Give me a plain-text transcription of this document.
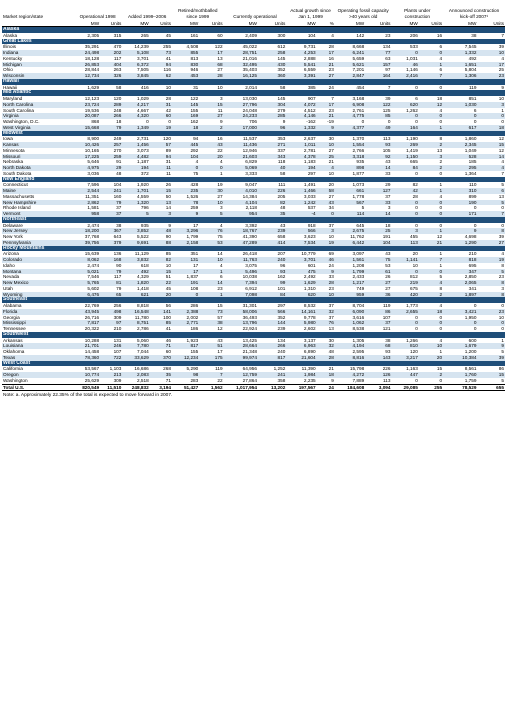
Market region/state	Operational 1998		Added 1999–2006		Retired/mothballed since 1999		Currently operational		Actual growth since Jan 1, 1999		Operating fossil capacity >40 years old		Plants under construction		Announced construction kick-off 2007¹	
	MW	Units	MW	Units	MW	Units	MW	Units	MW	%	MW	Units	MW	Units	MW	Units
Alaska																
Alaska	2,305	315	265	45	161	60	2,409	300	104	4	142	23	206	16	38	7
Great Lakes																
Illinois	35,291	470	14,239	255	4,508	122	45,022	612	9,731	28	8,668	134	533	6	7,545	39
Indiana	24,498	202	5,108	73	855	17	28,751	258	4,253	17	6,241	77	0	0	1,332	10
Kentucky	18,128	117	3,701	41	813	13	21,016	145	2,888	16	5,659	63	1,031	4	492	4
Michigan	26,853	404	6,372	94	830	68	32,495	430	5,541	21	5,621	157	46	1	1,651	17
Ohio	28,844	263	7,505	116	946	27	35,403	352	6,559	23	7,201	97	1,146	6	5,804	25
Wisconsin	12,734	326	3,845	62	453	28	16,125	360	3,391	27	2,847	164	2,416	7	1,306	23
Hawaii																
Hawaii	1,629	58	416	10	31	10	2,014	58	385	24	454	7	0	0	119	9
Mid Atlantic																
Maryland	12,123	120	1,029	28	122	3	13,030	145	907	7	3,168	39	6	18	851	10
North Carolina	23,724	289	4,217	31	145	15	27,796	304	4,072	17	6,908	122	620	12	1,030	3
South Carolina	19,536	248	4,667	42	155	11	24,048	279	4,512	23	2,761	125	1,262	4	6	1
Virginia	20,087	266	4,320	60	169	27	24,233	285	4,146	21	4,775	85	0	0	0	0
Washington, D.C.	868	18	0	0	162	9	706	9	-162	-19	0	0	0	0	0	0
West Virginia	15,668	79	1,349	19	18	2	17,000	96	1,332	9	4,377	49	164	1	617	18
Midwest																
Iowa	8,900	249	2,731	120	94	16	11,537	353	2,637	30	1,370	113	1,190	8	1,860	12
Kansas	10,426	257	1,456	57	445	43	11,436	271	1,011	10	1,554	93	269	2	2,345	15
Minnesota	10,165	270	3,073	89	292	22	12,946	337	2,781	27	2,766	105	1,419	13	1,049	12
Missouri	17,225	259	4,482	94	104	20	21,603	343	4,378	25	3,318	92	1,150	3	528	14
Nebraska	5,646	91	1,187	31	4	4	6,829	118	1,183	21	935	43	665	2	185	4
North Dakota	4,975	29	194	11	0	0	5,069	40	194	4	898	14	84	2	295	4
South Dakota	3,036	48	372	11	75	1	3,333	58	297	10	1,877	33	0	0	1,364	7
New England																
Connecticut	7,596	104	1,920	26	428	19	9,047	111	1,491	20	1,073	29	82	1	110	5
Maine	2,544	241	1,701	15	235	30	4,010	226	1,466	58	661	127	42	1	310	6
Massachusetts	11,351	160	4,559	50	1,526	27	14,384	205	3,033	27	1,778	37	28	4	899	13
New Hampshire	2,862	79	1,320	13	78	10	4,104	82	1,242	43	567	33	0	0	190	5
Rhode Island	1,581	37	796	14	259	3	2,118	48	537	34	5	3	0	0	0	0
Vermont	958	37	5	3	9	5	954	35	-4	0	114	14	0	0	171	7
Northeast																
Delaware	2,474	38	935	9	17	4	3,392	43	918	37	645	18	0	0	0	0
New Jersey	18,200	367	3,852	48	3,296	76	18,767	239	566	3	2,675	25	3	1	9	8
New York	37,768	643	5,522	90	1,799	75	41,390	658	3,623	10	11,762	191	455	12	4,698	39
Pennsylvania	39,756	379	9,691	88	2,158	53	47,289	414	7,534	19	6,442	104	113	21	1,290	27
Rocky Mountains																
Arizona	15,639	136	11,129	85	351	14	26,418	207	10,779	69	3,097	43	20	1	210	4
Colorado	8,062	168	3,832	82	131	10	11,763	240	3,701	46	1,561	75	1,141	7	818	19
Idaho	2,474	90	618	10	17	4	3,075	96	601	24	1,208	53	10	1	695	8
Montana	5,021	79	492	15	17	1	5,496	93	475	9	1,799	61	0	0	347	5
Nevada	7,546	117	4,329	51	1,837	6	10,038	162	2,492	33	2,433	26	812	5	2,850	23
New Mexico	5,765	81	1,820	22	191	14	7,394	99	1,629	28	1,217	27	219	4	2,065	8
Utah	5,602	79	1,418	45	108	23	6,912	101	1,310	23	749	27	675	8	341	3
Wyoming	6,476	65	621	20	0	1	7,098	84	620	10	959	36	420	2	1,897	8
Southeast																
Alabama	22,769	256	8,818	56	286	15	31,301	297	8,532	37	8,704	119	1,773	4	0	0
Florida	43,945	498	16,548	141	2,388	73	58,006	566	14,161	32	6,090	86	2,655	18	3,421	23
Georgia	26,716	309	11,780	100	2,002	57	36,493	352	9,778	37	3,616	107	0	0	1,950	10
Mississippi	7,817	97	8,751	85	2,771	38	13,796	144	5,980	76	1,062	37	0	0	0	0
Tennessee	20,322	210	2,786	41	186	12	22,924	239	2,602	13	8,538	121	0	0	0	0
Southwest																
Arkansas	10,288	131	5,060	46	1,923	43	13,425	134	3,137	30	1,305	38	1,266	4	600	1
Louisiana	21,701	246	7,780	71	817	51	28,664	266	6,963	32	4,194	68	810	10	1,679	9
Oklahoma	14,458	107	7,044	60	155	17	21,348	240	6,890	48	2,595	93	120	1	1,200	5
Texas	78,360	722	33,629	370	12,234	175	99,974	817	21,604	28	8,816	143	3,217	20	10,384	39
West Coast																
California	53,567	1,103	16,686	268	5,290	119	64,956	1,252	11,390	21	15,798	226	1,163	15	8,561	86
Oregon	10,774	213	2,083	35	98	7	12,759	241	1,984	18	4,272	126	447	2	1,760	15
Washington	25,629	309	2,518	71	283	22	27,864	358	2,235	9	7,889	113	0	0	1,759	5
Total U.S.	820,549	11,510	248,832	3,194	51,427	1,562	1,017,954	13,202	197,567	24	184,608	3,094	29,085	255	78,529	655
Note: a. Approximately 22.35% of the total is expected to move forward in 2007.
